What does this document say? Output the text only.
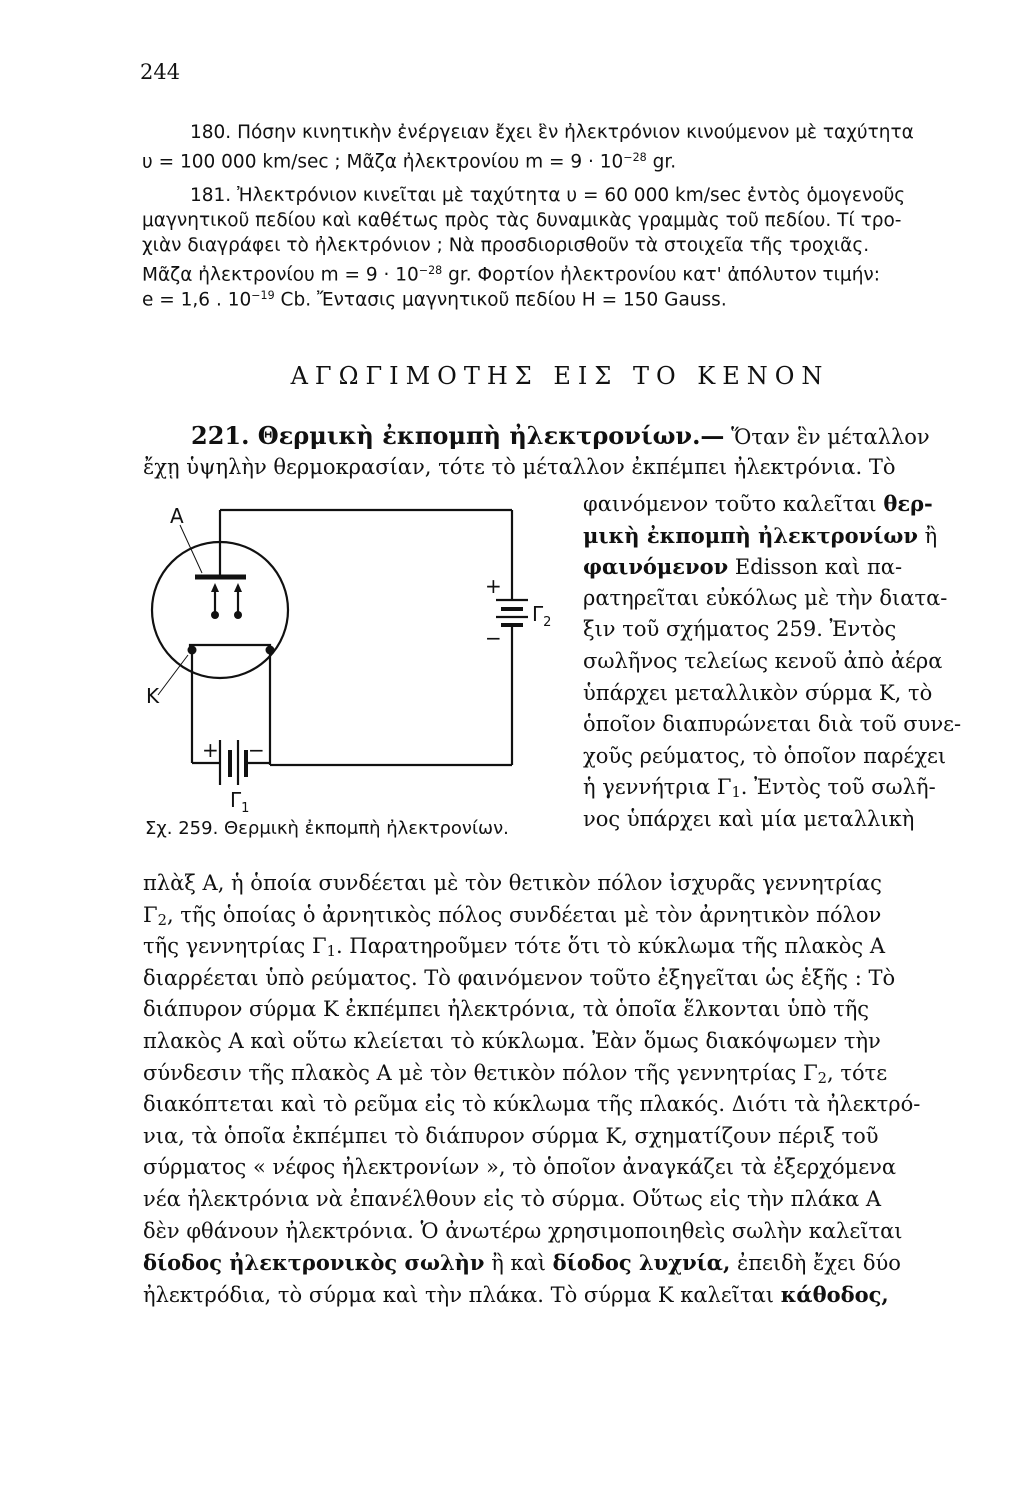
244
180. Πόσην κινητικὴν ἐνέργειαν ἔχει ἓν ἠλεκτρόνιον κινούμενον μὲ ταχύτητα
υ = 100 000 km/sec ; Μᾶζα ἠλεκτρονίου $m = 9 \cdot 10^{-28}$ gr.
181. Ἠλεκτρόνιον κινεῖται μὲ ταχύτητα υ = 60 000 km/sec ἐντὸς ὁμογενοῦς
μαγνητικοῦ πεδίου καὶ καθέτως πρὸς τὰς δυναμικὰς γραμμὰς τοῦ πεδίου. Τί τρο-
χιὰν διαγράφει τὸ ἠλεκτρόνιον ; Νὰ προσδιορισθοῦν τὰ στοιχεῖα τῆς τροχιᾶς.
Μᾶζα ἠλεκτρονίου $m = 9 \cdot 10^{-28}$ gr. Φορτίον ἠλεκτρονίου κατ' ἀπόλυτον τιμήν:
e = 1,6 . $10^{-19}$ Cb. Ἔντασις μαγνητικοῦ πεδίου H = 150 Gauss.
ΑΓΩΓΙΜΟΤΗΣ ΕΙΣ ΤΟ ΚΕΝΟΝ
221. Θερμικὴ ἐκπομπὴ ἠλεκτρονίων.— Ὅταν ἓν μέταλλον
ἔχῃ ὑψηλὴν θερμοκρασίαν, τότε τὸ μέταλλον ἐκπέμπει ἠλεκτρόνια. Τὸ
φαινόμενον τοῦτο καλεῖται θερ-
μικὴ ἐκπομπὴ ἠλεκτρονίων ἢ
φαινόμενον Edisson καὶ πα-
ρατηρεῖται εὐκόλως μὲ τὴν διατα-
ξιν τοῦ σχήματος 259. Ἐντὸς
σωλῆνος τελείως κενοῦ ἀπὸ ἀέρα
ὑπάρχει μεταλλικὸν σύρμα Κ, τὸ
ὁποῖον διαπυρώνεται διὰ τοῦ συνε-
χοῦς ρεύματος, τὸ ὁποῖον παρέχει
ἡ γεννήτρια $\Gamma_1$. Ἐντὸς τοῦ σωλῆ-
νος ὑπάρχει καὶ μία μεταλλικὴ
A
K
+
−
$\Gamma_2$
+ −
$\Gamma_1$
Σχ. 259. Θερμικὴ ἐκπομπὴ ἠλεκτρονίων.
πλὰξ Α, ἡ ὁποία συνδέεται μὲ τὸν θετικὸν πόλον ἰσχυρᾶς γεννητρίας
$\Gamma_2$, τῆς ὁποίας ὁ ἀρνητικὸς πόλος συνδέεται μὲ τὸν ἀρνητικὸν πόλον
τῆς γεννητρίας $\Gamma_1$. Παρατηροῦμεν τότε ὅτι τὸ κύκλωμα τῆς πλακὸς Α
διαρρέεται ὑπὸ ρεύματος. Τὸ φαινόμενον τοῦτο ἐξηγεῖται ὡς ἑξῆς : Τὸ
διάπυρον σύρμα Κ ἐκπέμπει ἠλεκτρόνια, τὰ ὁποῖα ἕλκονται ὑπὸ τῆς
πλακὸς Α καὶ οὕτω κλείεται τὸ κύκλωμα. Ἐὰν ὅμως διακόψωμεν τὴν
σύνδεσιν τῆς πλακὸς Α μὲ τὸν θετικὸν πόλον τῆς γεννητρίας $\Gamma_2$, τότε
διακόπτεται καὶ τὸ ρεῦμα εἰς τὸ κύκλωμα τῆς πλακός. Διότι τὰ ἠλεκτρό-
νια, τὰ ὁποῖα ἐκπέμπει τὸ διάπυρον σύρμα Κ, σχηματίζουν πέριξ τοῦ
σύρματος « νέφος ἠλεκτρονίων », τὸ ὁποῖον ἀναγκάζει τὰ ἐξερχόμενα
νέα ἠλεκτρόνια νὰ ἐπανέλθουν εἰς τὸ σύρμα. Οὕτως εἰς τὴν πλάκα Α
δὲν φθάνουν ἠλεκτρόνια. Ὁ ἀνωτέρω χρησιμοποιηθεὶς σωλὴν καλεῖται
δίοδος ἠλεκτρονικὸς σωλὴν ἢ καὶ δίοδος λυχνία, ἐπειδὴ ἔχει δύο
ἠλεκτρόδια, τὸ σύρμα καὶ τὴν πλάκα. Τὸ σύρμα Κ καλεῖται κάθοδος,
